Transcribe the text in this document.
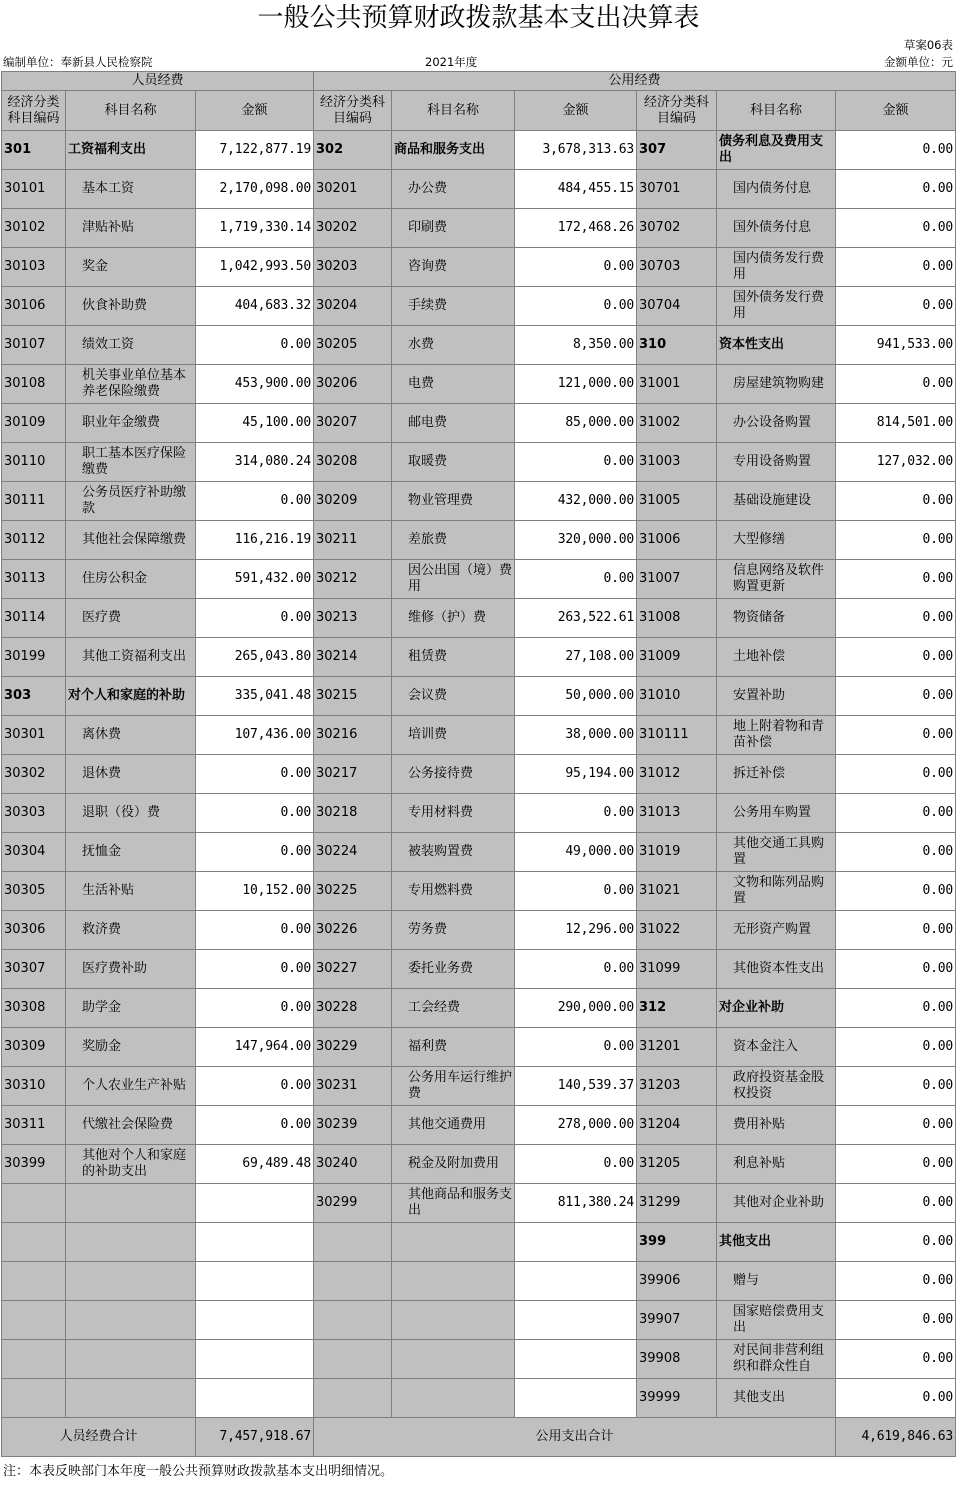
一般公共预算财政拨款基本支出决算表
草案06表
编制单位：奉新县人民检察院	2021年度	金额单位：元
人员经费			公用经费					
经济分类科目编码	科目名称	金额	经济分类科目编码	科目名称	金额	经济分类科目编码	科目名称	金额
301	工资福利支出	7,122,877.19	302	商品和服务支出	3,678,313.63	307	债务利息及费用支出	0.00
30101	基本工资	2,170,098.00	30201	办公费	484,455.15	30701	国内债务付息	0.00
30102	津贴补贴	1,719,330.14	30202	印刷费	172,468.26	30702	国外债务付息	0.00
30103	奖金	1,042,993.50	30203	咨询费	0.00	30703	国内债务发行费用	0.00
30106	伙食补助费	404,683.32	30204	手续费	0.00	30704	国外债务发行费用	0.00
30107	绩效工资	0.00	30205	水费	8,350.00	310	资本性支出	941,533.00
30108	机关事业单位基本养老保险缴费	453,900.00	30206	电费	121,000.00	31001	房屋建筑物购建	0.00
30109	职业年金缴费	45,100.00	30207	邮电费	85,000.00	31002	办公设备购置	814,501.00
30110	职工基本医疗保险缴费	314,080.24	30208	取暖费	0.00	31003	专用设备购置	127,032.00
30111	公务员医疗补助缴款	0.00	30209	物业管理费	432,000.00	31005	基础设施建设	0.00
30112	其他社会保障缴费	116,216.19	30211	差旅费	320,000.00	31006	大型修缮	0.00
30113	住房公积金	591,432.00	30212	因公出国（境）费用	0.00	31007	信息网络及软件购置更新	0.00
30114	医疗费	0.00	30213	维修（护）费	263,522.61	31008	物资储备	0.00
30199	其他工资福利支出	265,043.80	30214	租赁费	27,108.00	31009	土地补偿	0.00
303	对个人和家庭的补助	335,041.48	30215	会议费	50,000.00	31010	安置补助	0.00
30301	离休费	107,436.00	30216	培训费	38,000.00	310111	地上附着物和青苗补偿	0.00
30302	退休费	0.00	30217	公务接待费	95,194.00	31012	拆迁补偿	0.00
30303	退职（役）费	0.00	30218	专用材料费	0.00	31013	公务用车购置	0.00
30304	抚恤金	0.00	30224	被装购置费	49,000.00	31019	其他交通工具购置	0.00
30305	生活补贴	10,152.00	30225	专用燃料费	0.00	31021	文物和陈列品购置	0.00
30306	救济费	0.00	30226	劳务费	12,296.00	31022	无形资产购置	0.00
30307	医疗费补助	0.00	30227	委托业务费	0.00	31099	其他资本性支出	0.00
30308	助学金	0.00	30228	工会经费	290,000.00	312	对企业补助	0.00
30309	奖励金	147,964.00	30229	福利费	0.00	31201	资本金注入	0.00
30310	个人农业生产补贴	0.00	30231	公务用车运行维护费	140,539.37	31203	政府投资基金股权投资	0.00
30311	代缴社会保险费	0.00	30239	其他交通费用	278,000.00	31204	费用补贴	0.00
30399	其他对个人和家庭的补助支出	69,489.48	30240	税金及附加费用	0.00	31205	利息补贴	0.00
			30299	其他商品和服务支出	811,380.24	31299	其他对企业补助	0.00
						399	其他支出	0.00
						39906	赠与	0.00
						39907	国家赔偿费用支出	0.00
						39908	对民间非营利组织和群众性自	0.00
						39999	其他支出	0.00
人员经费合计		7,457,918.67	公用支出合计					4,619,846.63
注：本表反映部门本年度一般公共预算财政拨款基本支出明细情况。
